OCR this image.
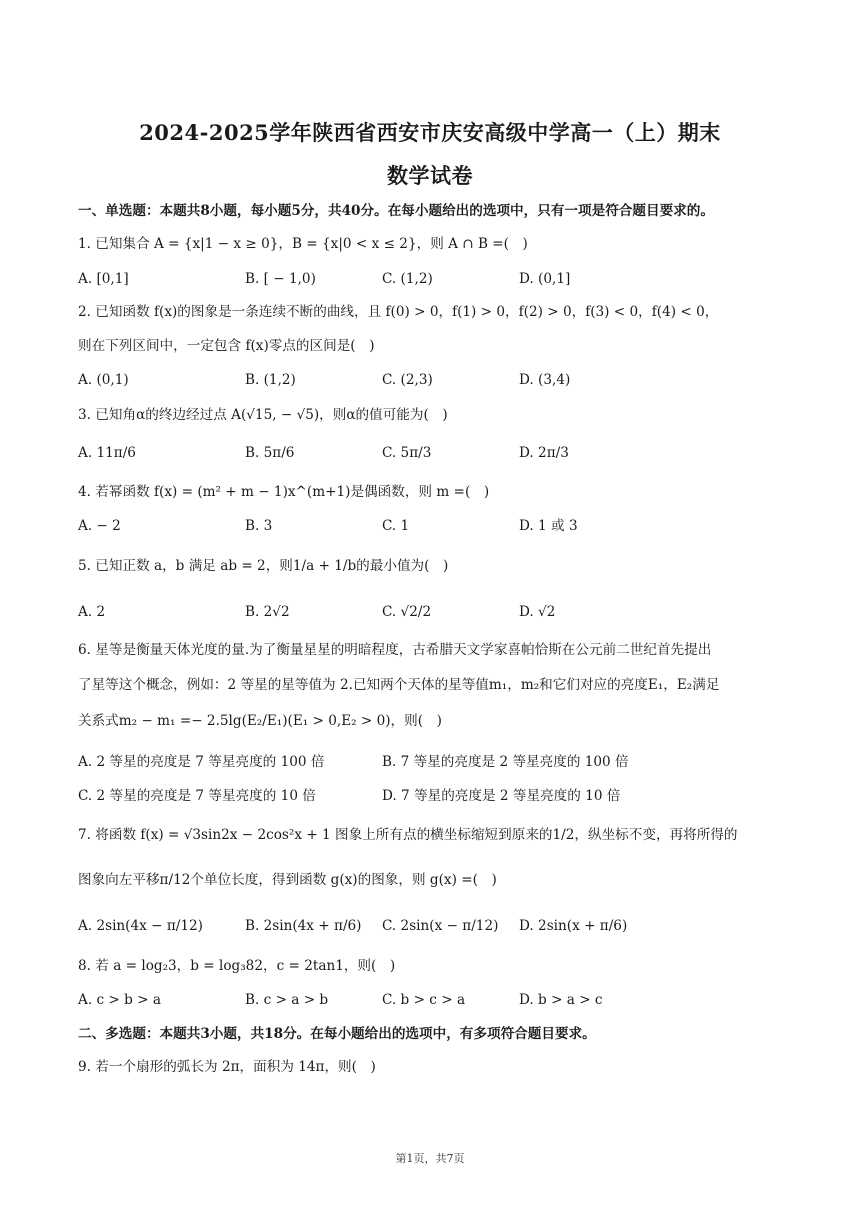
2024-2025学年陕西省西安市庆安高级中学高一（上）期末
数学试卷
一、单选题：本题共8小题，每小题5分，共40分。在每小题给出的选项中，只有一项是符合题目要求的。
1. 已知集合 A = {x|1 − x ≥ 0}，B = {x|0 < x ≤ 2}，则 A ∩ B =(　)
A. [0,1]	B. [ − 1,0)	C. (1,2)	D. (0,1]
2. 已知函数 f(x)的图象是一条连续不断的曲线，且 f(0) > 0，f(1) > 0，f(2) > 0，f(3) < 0，f(4) < 0，
则在下列区间中，一定包含 f(x)零点的区间是(　)
A. (0,1)	B. (1,2)	C. (2,3)	D. (3,4)
3. 已知角α的终边经过点 A(√15, − √5)，则α的值可能为(　)
A. 11π/6	B. 5π/6	C. 5π/3	D. 2π/3
4. 若幂函数 f(x) = (m² + m − 1)x^(m+1)是偶函数，则 m =(　)
A. − 2	B. 3	C. 1	D. 1 或 3
5. 已知正数 a，b 满足 ab = 2，则1/a + 1/b的最小值为(　)
A. 2	B. 2√2	C. √2/2	D. √2
6. 星等是衡量天体光度的量.为了衡量星星的明暗程度，古希腊天文学家喜帕恰斯在公元前二世纪首先提出
了星等这个概念，例如：2 等星的星等值为 2.已知两个天体的星等值m₁，m₂和它们对应的亮度E₁，E₂满足
关系式m₂ − m₁ =− 2.5lg(E₂/E₁)(E₁ > 0,E₂ > 0)，则(　)
A. 2 等星的亮度是 7 等星亮度的 100 倍	B. 7 等星的亮度是 2 等星亮度的 100 倍
C. 2 等星的亮度是 7 等星亮度的 10 倍	D. 7 等星的亮度是 2 等星亮度的 10 倍
7. 将函数 f(x) = √3sin2x − 2cos²x + 1 图象上所有点的横坐标缩短到原来的1/2，纵坐标不变，再将所得的
图象向左平移π/12个单位长度，得到函数 g(x)的图象，则 g(x) =(　)
A. 2sin(4x − π/12)	B. 2sin(4x + π/6) C. 2sin(x − π/12) D. 2sin(x + π/6)
8. 若 a = log₂3，b = log₃82，c = 2tan1，则(　)
A. c > b > a	B. c > a > b	C. b > c > a	D. b > a > c
二、多选题：本题共3小题，共18分。在每小题给出的选项中，有多项符合题目要求。
9. 若一个扇形的弧长为 2π，面积为 14π，则(　)
第1页，共7页
